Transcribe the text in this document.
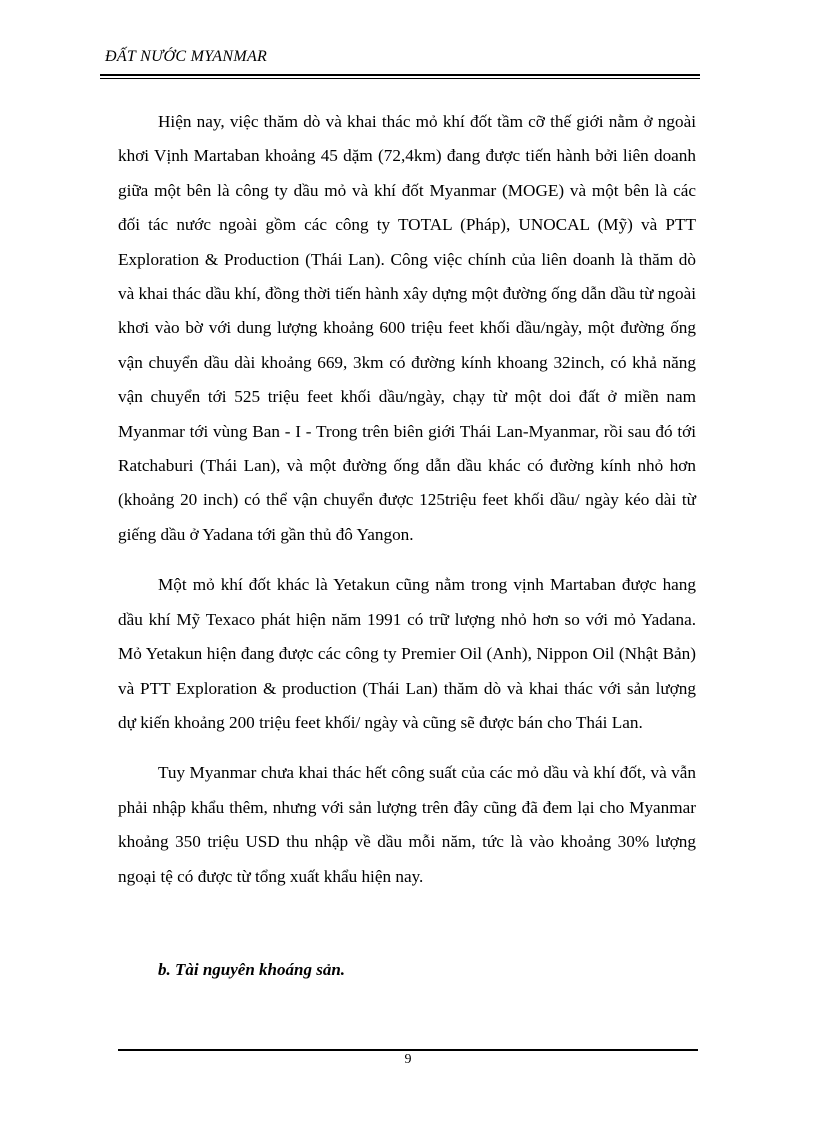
ĐẤT NƯỚC MYANMAR

Hiện nay, việc thăm dò và khai thác mỏ khí đốt tầm cỡ thế giới nằm ở ngoài khơi Vịnh Martaban khoảng 45 dặm (72,4km) đang được tiến hành bởi liên doanh giữa một bên là công ty dầu mỏ và khí đốt Myanmar (MOGE) và một bên là các đối tác nước ngoài gồm các công ty TOTAL (Pháp), UNOCAL (Mỹ) và PTT Exploration & Production (Thái Lan). Công việc chính của liên doanh là thăm dò và khai thác dầu khí, đồng thời tiến hành xây dựng một đường ống dẫn dầu từ ngoài khơi vào bờ với dung lượng khoảng 600 triệu feet khối dầu/ngày, một đường ống vận chuyển dầu dài khoảng 669, 3km có đường kính khoang 32inch, có khả năng vận chuyển tới 525 triệu feet khối dầu/ngày, chạy từ một doi đất ở miền nam Myanmar tới vùng Ban - I - Trong trên biên giới Thái Lan-Myanmar, rồi sau đó tới Ratchaburi (Thái Lan), và một đường ống dẫn dầu khác có đường kính nhỏ hơn (khoảng 20 inch) có thể vận chuyển được 125triệu feet khối dầu/ ngày kéo dài từ giếng dầu ở Yadana tới gần thủ đô Yangon.

Một mỏ khí đốt khác là Yetakun cũng nằm trong vịnh Martaban được hang dầu khí Mỹ Texaco phát hiện năm 1991 có trữ lượng nhỏ hơn so với mỏ Yadana. Mỏ Yetakun hiện đang được các công ty Premier Oil (Anh), Nippon Oil (Nhật Bản) và PTT Exploration & production (Thái Lan) thăm dò và khai thác với sản lượng dự kiến khoảng 200 triệu feet khối/ ngày và cũng sẽ được bán cho Thái Lan.

Tuy Myanmar chưa khai thác hết công suất của các mỏ dầu và khí đốt, và vẫn phải nhập khẩu thêm, nhưng với sản lượng trên đây cũng đã đem lại cho Myanmar khoảng 350 triệu USD thu nhập về dầu mỗi năm, tức là vào khoảng 30% lượng ngoại tệ có được từ tổng xuất khẩu hiện nay.

b. Tài nguyên khoáng sản.
9
